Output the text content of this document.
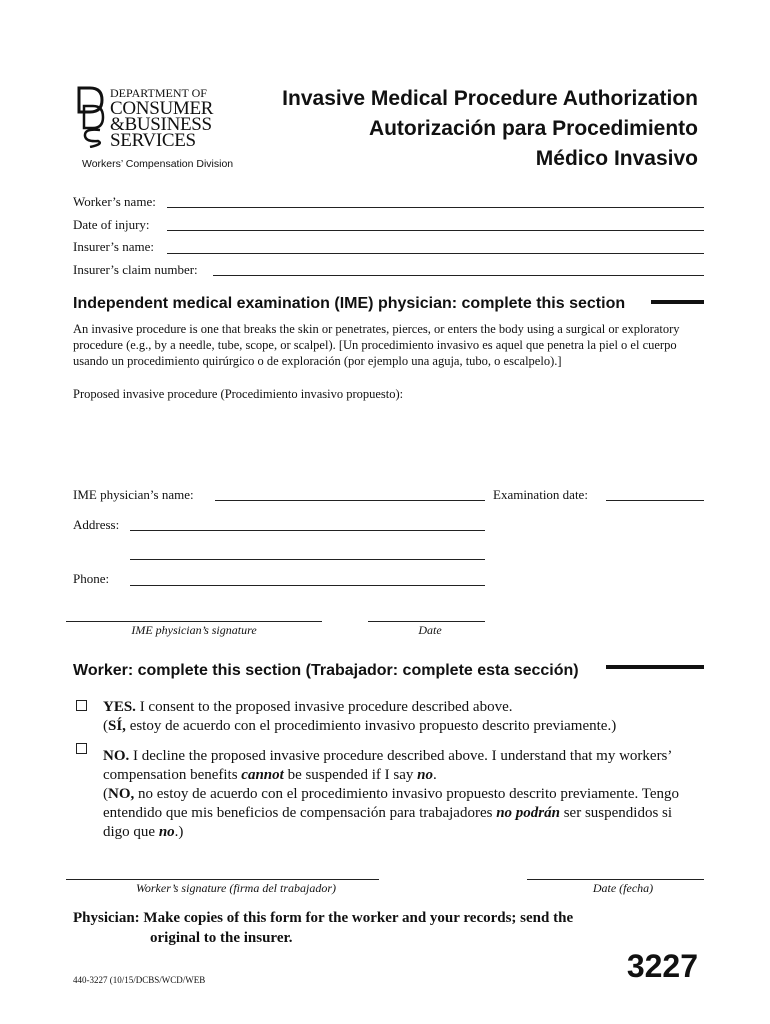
DEPARTMENT OF
CONSUMER
&BUSINESS
SERVICES
Workers’ Compensation Division
Invasive Medical Procedure Authorization
Autorización para Procedimiento
Médico Invasivo
Worker’s name:
Date of injury:
Insurer’s name:
Insurer’s claim number:
Independent medical examination (IME) physician: complete this section
An invasive procedure is one that breaks the skin or penetrates, pierces, or enters the body using a surgical or exploratory procedure (e.g., by a needle, tube, scope, or scalpel). [Un procedimiento invasivo es aquel que penetra la piel o el cuerpo usando un procedimiento quirúrgico o de exploración (por ejemplo una aguja, tubo, o escalpelo).]
Proposed invasive procedure (Procedimiento invasivo propuesto):
IME physician’s name:	Examination date:
Address:
Phone:
IME physician’s signature	Date
Worker: complete this section (Trabajador: complete esta sección)
YES. I consent to the proposed invasive procedure described above.
(SÍ, estoy de acuerdo con el procedimiento invasivo propuesto descrito previamente.)
NO. I decline the proposed invasive procedure described above. I understand that my workers’ compensation benefits cannot be suspended if I say no.
(NO, no estoy de acuerdo con el procedimiento invasivo propuesto descrito previamente. Tengo entendido que mis beneficios de compensación para trabajadores no podrán ser suspendidos si digo que no.)
Worker’s signature (firma del trabajador)	Date (fecha)
Physician: Make copies of this form for the worker and your records; send the
original to the insurer.
440-3227 (10/15/DCBS/WCD/WEB	3227
